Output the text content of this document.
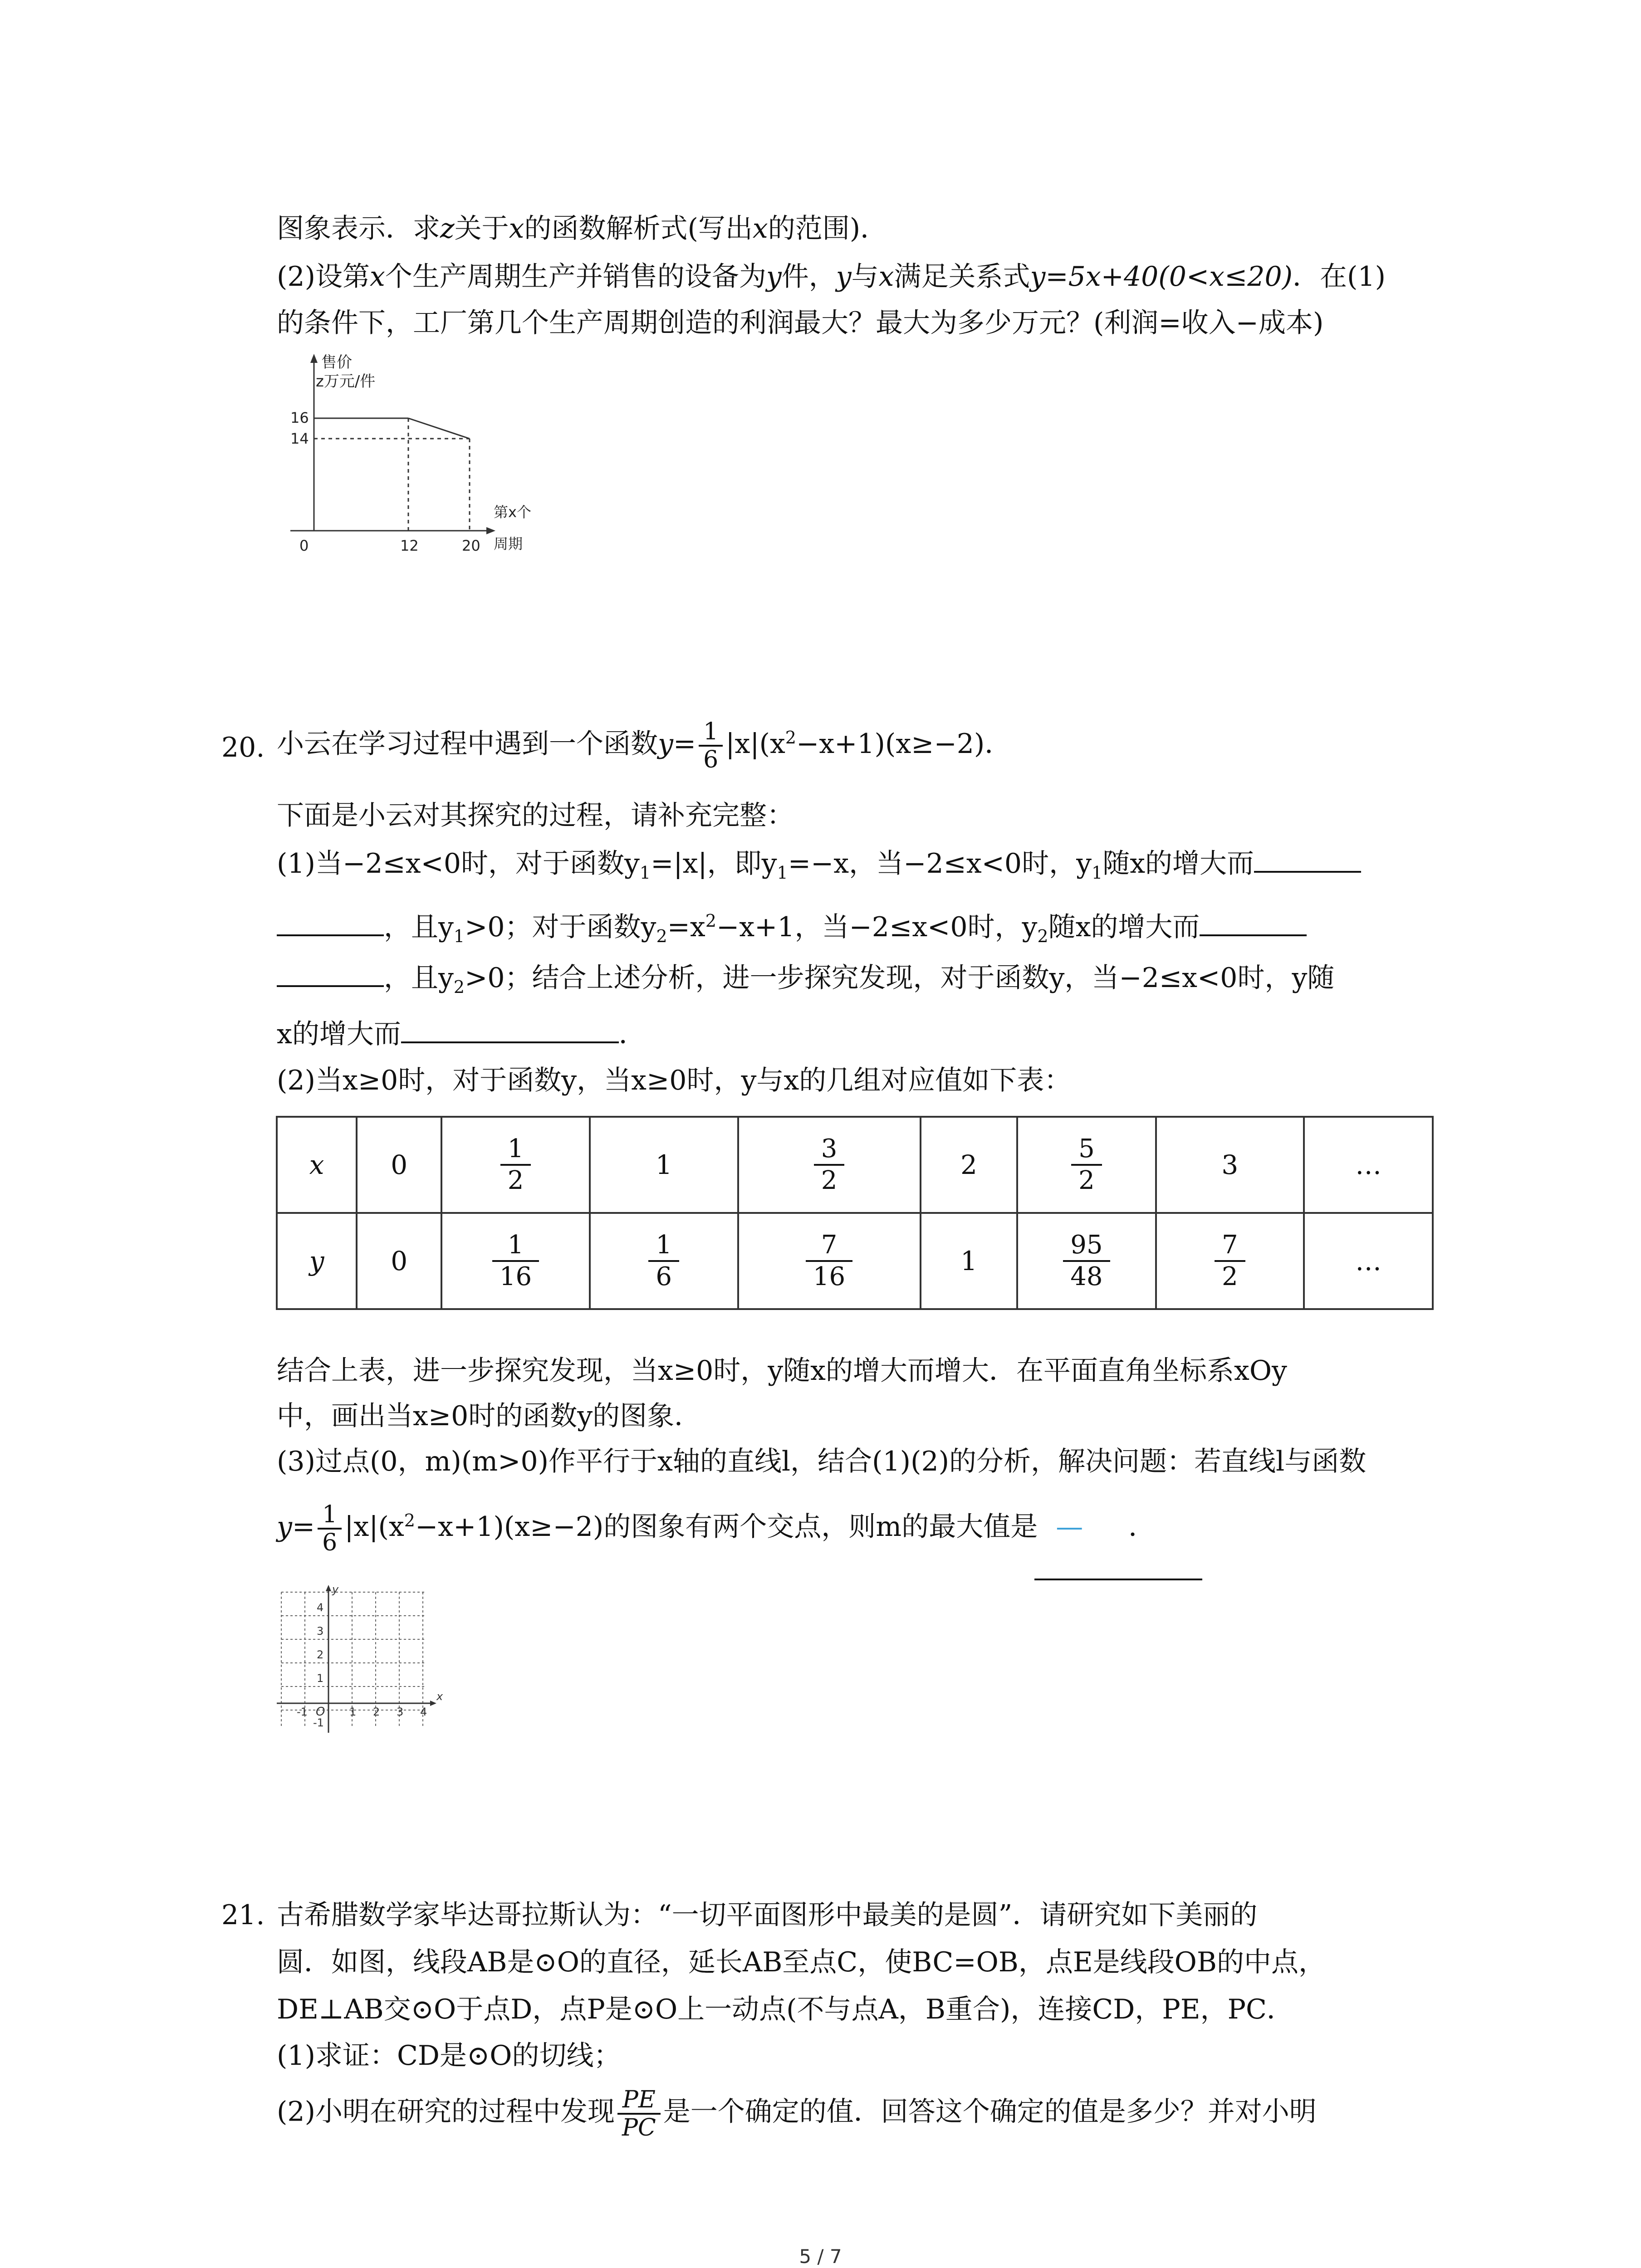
图象表示．求z关于x的函数解析式(写出x的范围)．
(2)设第x个生产周期生产并销售的设备为y件，y与x满足关系式y=5x+40(0<x≤20)．在(1)
的条件下，工厂第几个生产周期创造的利润最大？最大为多少万元？(利润=收入−成本)
售价
z万元/件
16
14
0	12	20
第x个
周期
20. 小云在学习过程中遇到一个函数$y= \frac{1}{6} |x|(x^2-x+1)(x\ge-2)$．
下面是小云对其探究的过程，请补充完整：
(1)当−2≤x<0时，对于函数$y_1=|x|$，即$y_1=-x$，当−2≤x<0时，$y_1$随x的增大而
，且$y_1>0$；对于函数$y_2=x^2-x+1$，当−2≤x<0时，$y_2$随x的增大而
，且$y_2>0$；结合上述分析，进一步探究发现，对于函数y，当−2≤x<0时，y随
x的增大而	．
(2)当x≥0时，对于函数y，当x≥0时，y与x的几组对应值如下表：
x	0	$\frac{1}{2}$	1	$\frac{3}{2}$	2	$\frac{5}{2}$	3	…
y	0	$\frac{1}{16}$	$\frac{1}{6}$	$\frac{7}{16}$	1	$\frac{95}{48}$	$\frac{7}{2}$	…
结合上表，进一步探究发现，当x≥0时，y随x的增大而增大．在平面直角坐标系xOy
中，画出当x≥0时的函数y的图象．
(3)过点(0，m)(m>0)作平行于x轴的直线l，结合(1)(2)的分析，解决问题：若直线l与函数
$y= \frac{1}{6} |x|(x^2-x+1)(x\ge-2)$的图象有两个交点，则m的最大值是 — ．
y
x
4
3
2
1
-1
-1 O 1 2 3 4
21. 古希腊数学家毕达哥拉斯认为：“一切平面图形中最美的是圆”．请研究如下美丽的
圆．如图，线段AB是⊙O的直径，延长AB至点C，使BC=OB，点E是线段OB的中点，
DE⊥AB交⊙O于点D，点P是⊙O上一动点(不与点A，B重合)，连接CD，PE，PC．
(1)求证：CD是⊙O的切线；
(2)小明在研究的过程中发现 $\frac{PE}{PC}$ 是一个确定的值．回答这个确定的值是多少？并对小明
5 / 7
